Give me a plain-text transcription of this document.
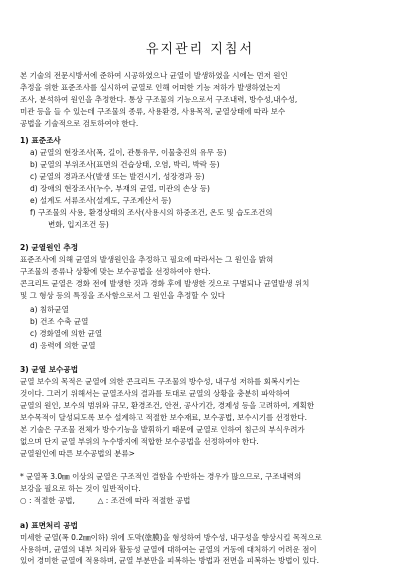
유지관리 지침서
본 기술의 전문시방서에 준하여 시공하였으나 균열이 발생하였을 시에는 먼저 원인
추정을 위한 표준조사를 실시하여 균열로 인해 어떠한 기능 저하가 발생하였는지
조사, 분석하여 원인을 추정한다. 통상 구조물의 기능으로서 구조내력, 방수성,내수성,
미관 등을 들 수 있는데 구조물의 종류, 사용환경, 사용목적, 균열상태에 따라 보수
공법을 기술적으로 검토하여야 한다.
1) 표준조사
a) 균열의 현장조사(폭, 길이, 관통유무, 이물충진의 유무 등)
b) 균열의 부위조사(표면의 건습상태, 오염, 박리, 박락 등)
c) 균열의 경과조사(발생 또는 발견시기, 성장경과 등)
d) 장애의 현장조사(누수, 부재의 균열, 미관의 손상 등)
e) 설계도 서류조사(설계도, 구조계산서 등)
f) 구조물의 사용, 환경상태의 조사(사용시의 하중조건, 온도 및 습도조건의
변화, 입지조건 등)
2) 균열원인 추정
표준조사에 의해 균열의 발생원인을 추정하고 필요에 따라서는 그 원인을 밝혀
구조물의 종류나 상황에 맞는 보수공법을 선정하여야 한다.
콘크리트 균열은 경화 전에 발생한 것과 경화 후에 발생한 것으로 구별되나 균열발생 위치
및 그 형상 등의 특징을 조사함으로서 그 원인을 추정할 수 있다
a) 침하균열
b) 건조 수축 균열
c) 경화열에 의한 균열
d) 응력에 의한 균열
3) 균열 보수공법
균열 보수의 목적은 균열에 의한 콘크리트 구조물의 방수성, 내구성 저하를 회복시키는
것이다. 그러기 위해서는 균열조사의 결과를 토대로 균열의 상황을 충분히 파악하여
균열의 원인, 보수의 범위와 규모, 환경조건, 안전, 공사기간, 경제성 등을 고려하여, 계획한
보수목적이 달성되도록 보수 설계하고 적절한 보수재료, 보수공법, 보수시기를 선정한다.
본 기술은 구조물 전체가 방수기능을 발휘하기 때문에 균열로 인하여 침근의 부식우려가
없으며 단지 균열 부위의 누수방지에 적합한 보수공법을 선정하여야 한다.
균열원인에 따른 보수공법의 분류>
* 균열폭 3.0㎜ 이상의 균열은 구조적인 결함을 수반하는 경우가 많으므로, 구조내력의
보강을 필요로 하는 것이 일반적이다.
○ : 적절한 공법,	△ : 조건에 따라 적절한 공법
a) 표면처리 공법
미세한 균열(폭 0.2㎜이하) 위에 도막(塗膜)을 형성하여 방수성, 내구성을 향상시킬 목적으로
사용하며, 균열의 내부 처리와 활동성 균열에 대하여는 균열의 거동에 대처하기 어려운 점이
있어 경미한 균열에 적용하며, 균열 부분만을 피복하는 방법과 전면을 피복하는 방법이 있다.
